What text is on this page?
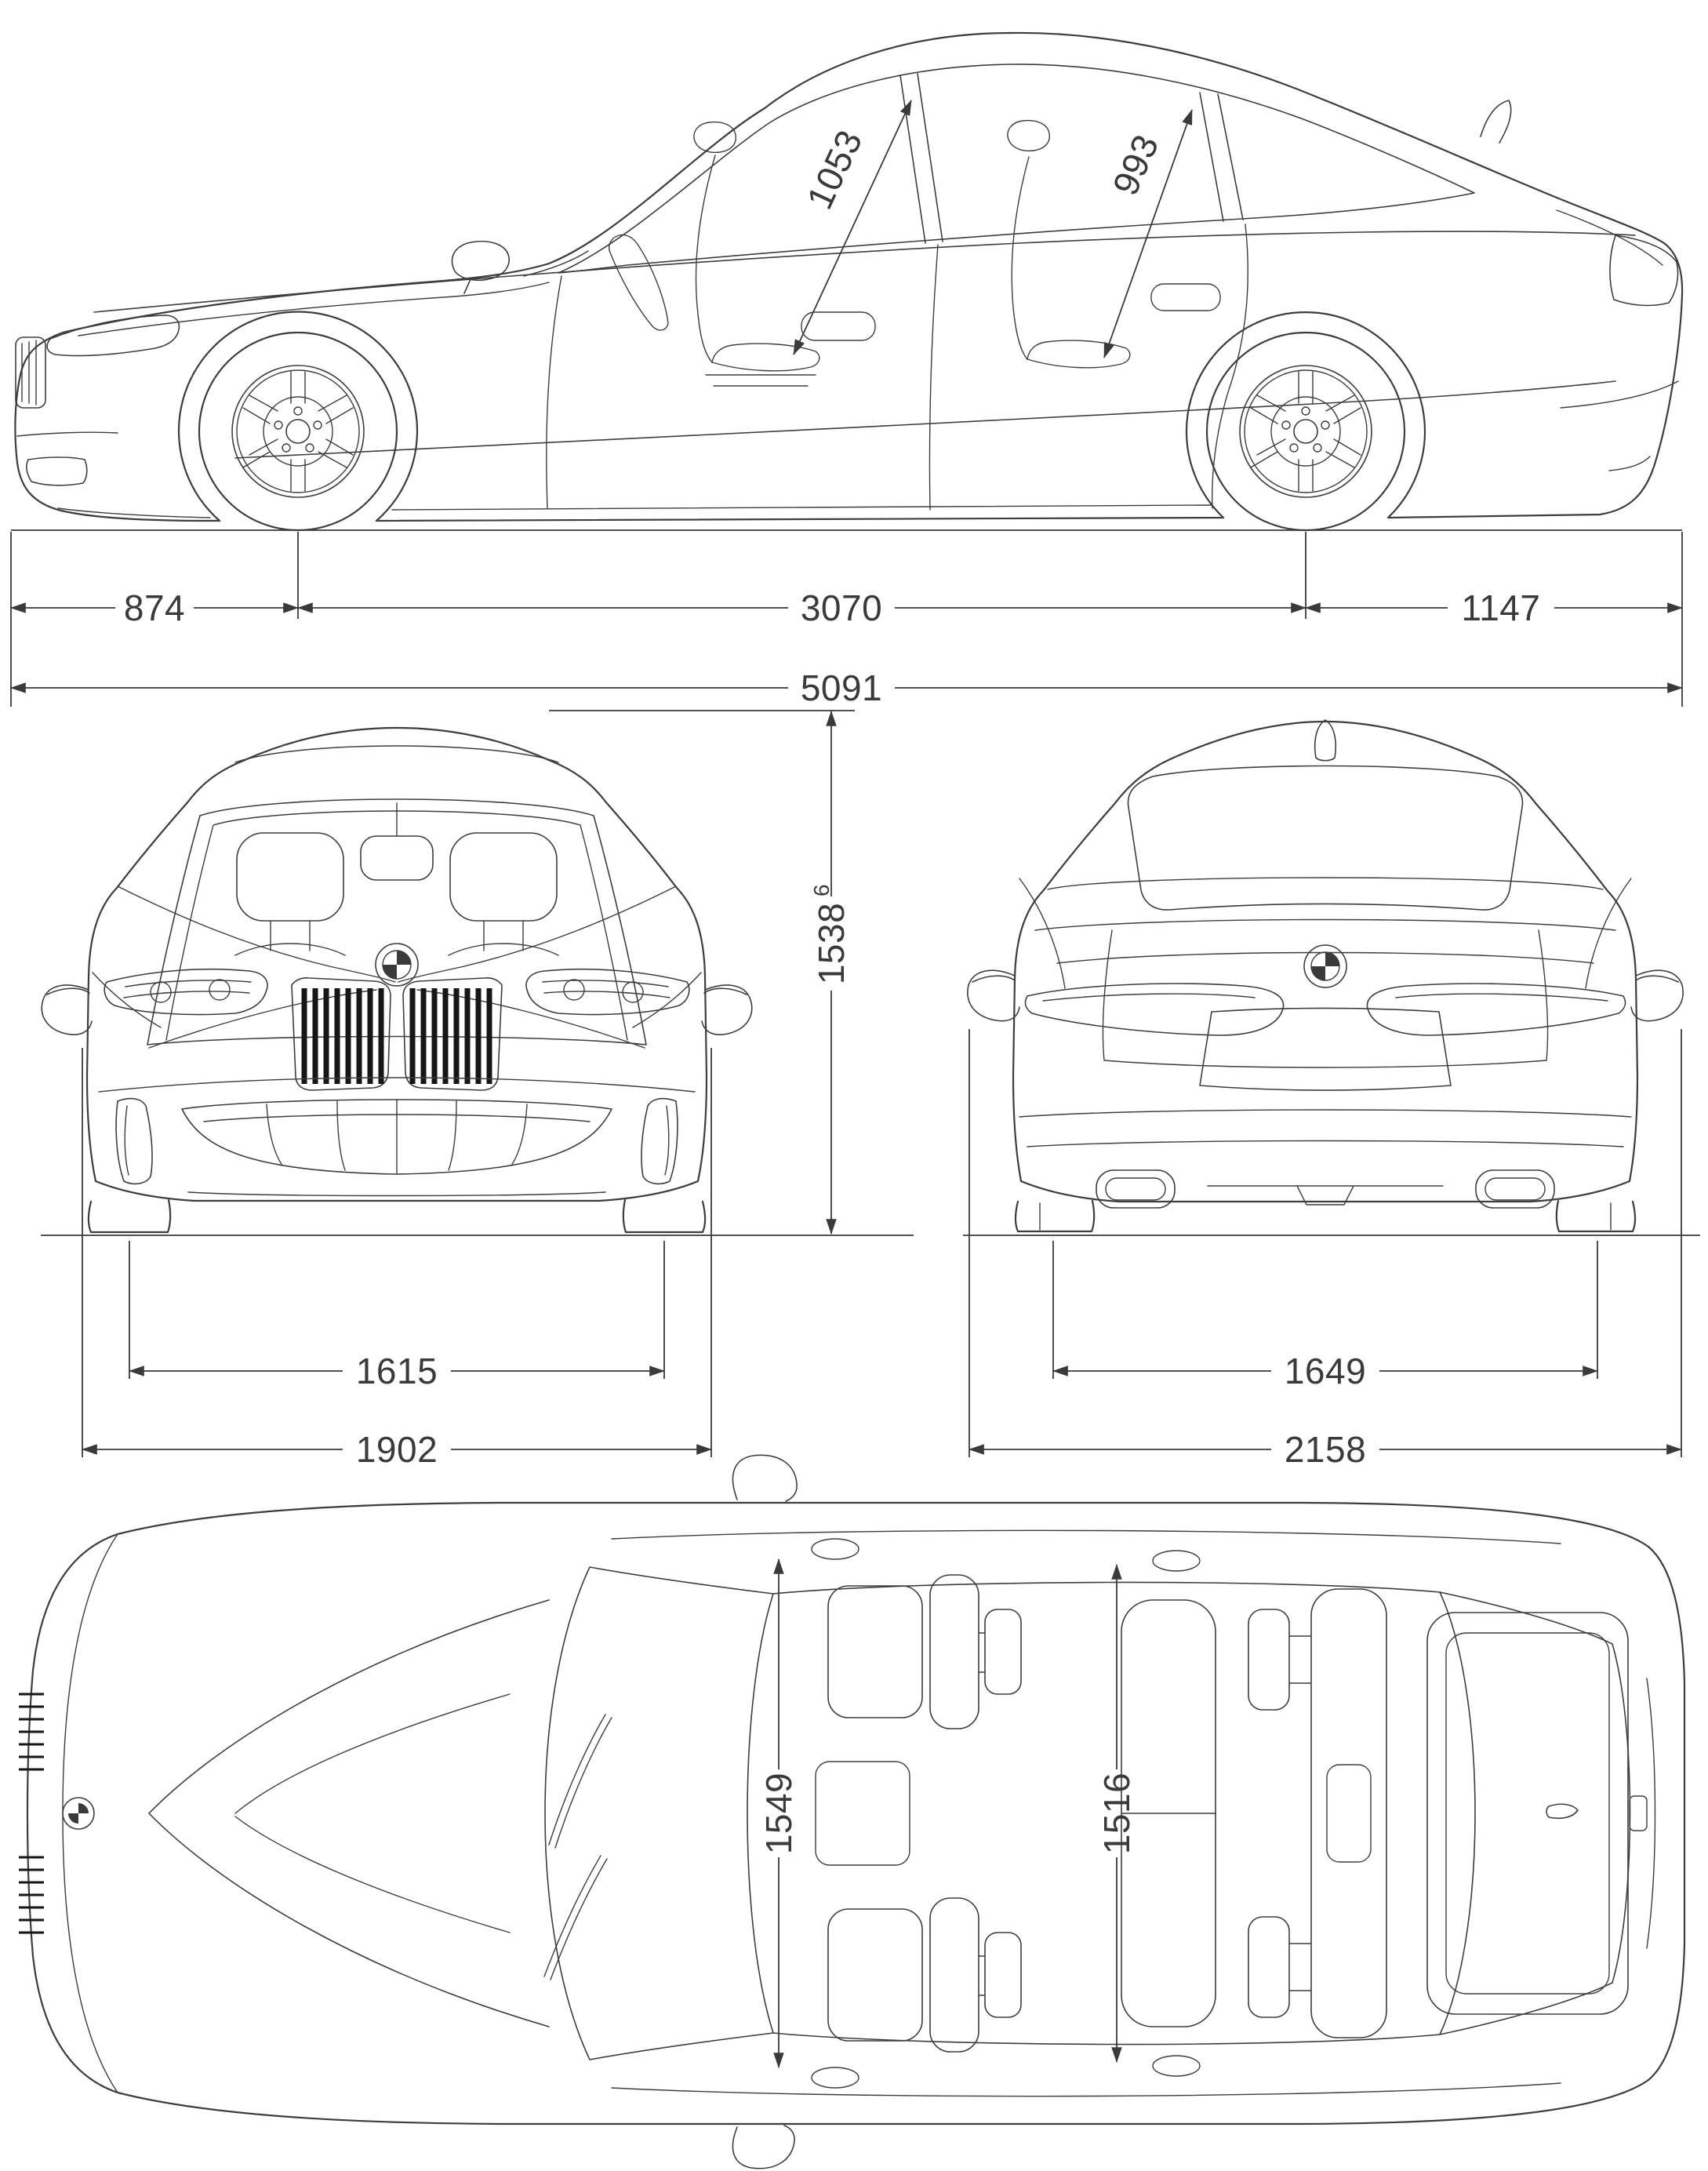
1053	993
874	3070	1147
5091
1538
6
1615
1902
1649
2158
1549	1516
